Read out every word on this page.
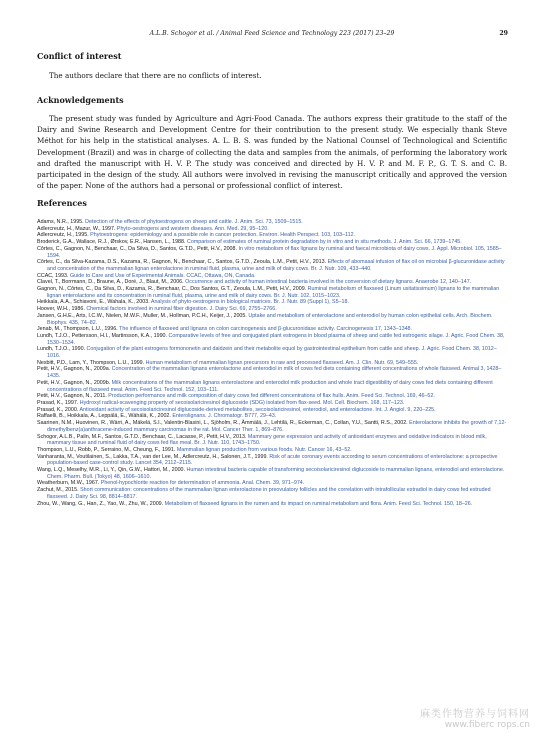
A.L.B. Schogor et al. / Animal Feed Science and Technology 223 (2017) 23–29	29
Conflict of interest
The authors declare that there are no conflicts of interest.
Acknowledgements
The present study was funded by Agriculture and Agri-Food Canada. The authors express their gratitude to the staff of the Dairy and Swine Research and Development Centre for their contribution to the present study. We especially thank Steve Méthot for his help in the statistical analyses. A. L. B. S. was funded by the National Counsel of Technological and Scientific Development (Brazil) and was in charge of collecting the data and samples from the animals, of performing the laboratory work and drafted the manuscript with H. V. P. The study was conceived and directed by H. V. P. and M. F. P., G. T. S. and C. B. participated in the design of the study. All authors were involved in revising the manuscript critically and approved the version of the paper. None of the authors had a personal or professional conflict of interest.
References

Adams, N.R., 1995. Detection of the effects of phytoestrogens on sheep and cattle. J. Anim. Sci. 73, 1509–1515.

Adlercreutz, H., Mazur, W., 1997. Phyto-oestrogens and western diseases. Ann. Med. 29, 95–120.

Adlercreutz, H., 1995. Phytoestrogens: epidemiology and a possible role in cancer protection. Environ. Health Perspect. 103, 103–112.

Broderick, G.A., Wallace, R.J., Ørskov, E.R., Hansen, L., 1988. Comparison of estimates of ruminal protein degradation by in vitro and in situ methods. J. Anim. Sci. 66, 1739–1745.

Côrtes, C., Gagnon, N., Benchaar, C., Da Silva, D., Santos, G.T.D., Petit, H.V., 2008. In vitro metabolism of flax lignans by ruminal and faecal microbiota of dairy cows. J. Appl. Microbiol. 105, 1585–1594.

Côrtes, C., da Silva-Kazama, D.S., Kazama, R., Gagnon, N., Benchaar, C., Santos, G.T.D., Zeoula, L.M., Petit, H.V., 2013. Effects of abomasal infusion of flax oil on microbial β-glucuronidase activity and concentration of the mammalian lignan enterolactone in ruminal fluid, plasma, urine and milk of dairy cows. Br. J. Nutr. 109, 433–440.

CCAC, 1993. Guide to Care and Use of Experimental Animals. CCAC, Ottawa, ON, Canada.

Clavel, T., Borrmann, D., Braune, A., Doré, J., Blaut, M., 2006. Occurrence and activity of human intestinal bacteria involved in the conversion of dietary lignans. Anaerobe 12, 140–147.

Gagnon, N., Côrtes, C., Da Silva, D., Kazama, R., Benchaar, C., Dos Santos, G.T., Zeoula, L.M., Petit, H.V., 2009. Ruminal metabolism of flaxseed (Linum usitatissimum) lignans to the mammalian lignan enterolactone and its concentration in ruminal fluid, plasma, urine and milk of dairy cows. Br. J. Nutr. 102, 1015–1023.

Heikkala, A.A., Schiavoni, E., Wahala, K., 2003. Analysis of phyto-oestrogens in biological matrices. Br. J. Nutr. 89 (Suppl 1), S5–18.

Hoover, W.H., 1986. Chemical factors involved in ruminal fiber digestion. J. Dairy Sci. 69, 2755–2766.

Jansen, G.H.E., Arts, I.C.W., Nielen, M.W.F., Muller, M., Hollman, P.C.H., Keijer, J., 2005. Uptake and metabolism of enterolactone and enterodiol by human colon epithelial cells. Arch. Biochem. Biophys. 435, 74–82.

Jenab, M., Thompson, L.U., 1996. The influence of flaxseed and lignans on colon carcinogenesis and β-glucuronidase activity. Carcinogenesis 17, 1343–1348.

Lundh, T.J.O., Pettersson, H.I., Martinsson, K.A., 1990. Comparative levels of free and conjugated plant estrogens in blood plasma of sheep and cattle fed estrogenic silage. J. Agric. Food Chem. 38, 1530–1534.

Lundh, T.J.O., 1990. Conjugation of the plant estrogens formononetin and daidzein and their metabolite equol by gastrointestinal epithelium from cattle and sheep. J. Agric. Food Chem. 38, 1012–1016.

Nesbitt, P.D., Lam, Y., Thompson, L.U., 1999. Human metabolism of mammalian lignan precursors in raw and processed flaxseed. Am. J. Clin. Nutr. 69, 549–555.

Petit, H.V., Gagnon, N., 2009a. Concentration of the mammalian lignans enterolactone and enterodiol in milk of cows fed diets containing different concentrations of whole flaxseed. Animal 3, 1428–1435.

Petit, H.V., Gagnon, N., 2009b. Milk concentrations of the mammalian lignans enterolactone and enterodiol milk production and whole tract digestibility of dairy cows fed diets containing different concentrations of flaxseed meal. Anim. Feed Sci. Technol. 152, 103–111.

Petit, H.V., Gagnon, N., 2011. Production performance and milk composition of dairy cows fed different concentrations of flax hulls. Anim. Feed Sci. Technol. 169, 46–52.

Prasad, K., 1997. Hydroxyl radical-scavenging property of secoisolariciresinol diglucoside (SDG) isolated from flax-seed. Mol. Cell. Biochem. 168, 117–123.

Prasad, K., 2000. Antioxidant activity of secoisolariciresinol diglucoside-derived metabolites, secoisolariciresinol, enterodiol, and enterolactone. Int. J. Angiol. 9, 220–225.

Raffaelli, B., Hoikkala, A., Leppälä, E., Wähälä, K., 2002. Enterolignans. J. Chromatogr. B777, 29–43.

Saarinen, N.M., Huovinen, R., Wärri, A., Mäkelä, S.I., Valentin-Blasini, L., Sjöholm, R., Ämmälä, J., Lehtilä, R., Eckerman, C., Collan, Y.U., Santti, R.S., 2002. Enterolactone inhibits the growth of 7,12-dimethylbenz(a)anthracene-induced mammary carcinomas in the rat. Mol. Cancer Ther. 1, 869–876.

Schogor, A.L.B., Palin, M.F., Santos, G.T.D., Benchaar, C., Lacasse, P., Petit, H.V., 2013. Mammary gene expression and activity of antioxidant enzymes and oxidative indicators in blood milk, mammary tissue and ruminal fluid of dairy cows fed flax meal. Br. J. Nutr. 110, 1743–1750.

Thompson, L.U., Robb, P., Serraino, M., Cheung, F., 1991. Mammalian lignan production from various foods. Nutr. Cancer 16, 43–52.

Vanharanta, M., Voutilainen, S., Lakka, T.A., van der Lee, M., Adlercreutz, H., Salonen, J.T., 1999. Risk of acute coronary events according to serum concentrations of enterolactone: a prospective population-based case-control study. Lancet 354, 2112–2115.

Wang, L.Q., Meselhy, M.R., Li, Y., Qin, G.W., Hattori, M., 2000. Human intestinal bacteria capable of transforming secoisolariciresinol diglucoside to mammalian lignans, enterodiol and enterolactone. Chem. Pharm. Bull. (Tokyo) 48, 1606–1610.

Weatherburn, M.W., 1967. Phenol-hypochlorite reaction for determination of ammonia. Anal. Chem. 39, 971–974.

Zachut, M., 2015. Short communication: concentrations of the mammalian lignan enterolactone in preovulatory follicles and the correlation with intrafollicular estradiol in dairy cows fed extruded flaxseed. J. Dairy Sci. 98, 8814–8817.

Zhou, W., Wang, G., Han, Z., Yao, W., Zhu, W., 2009. Metabolism of flaxseed lignans in the rumen and its impact on ruminal metabolism and flora. Anim. Feed Sci. Technol. 150, 18–26.

麻类作物营养与饲料网
www.fiberc rops.cn
